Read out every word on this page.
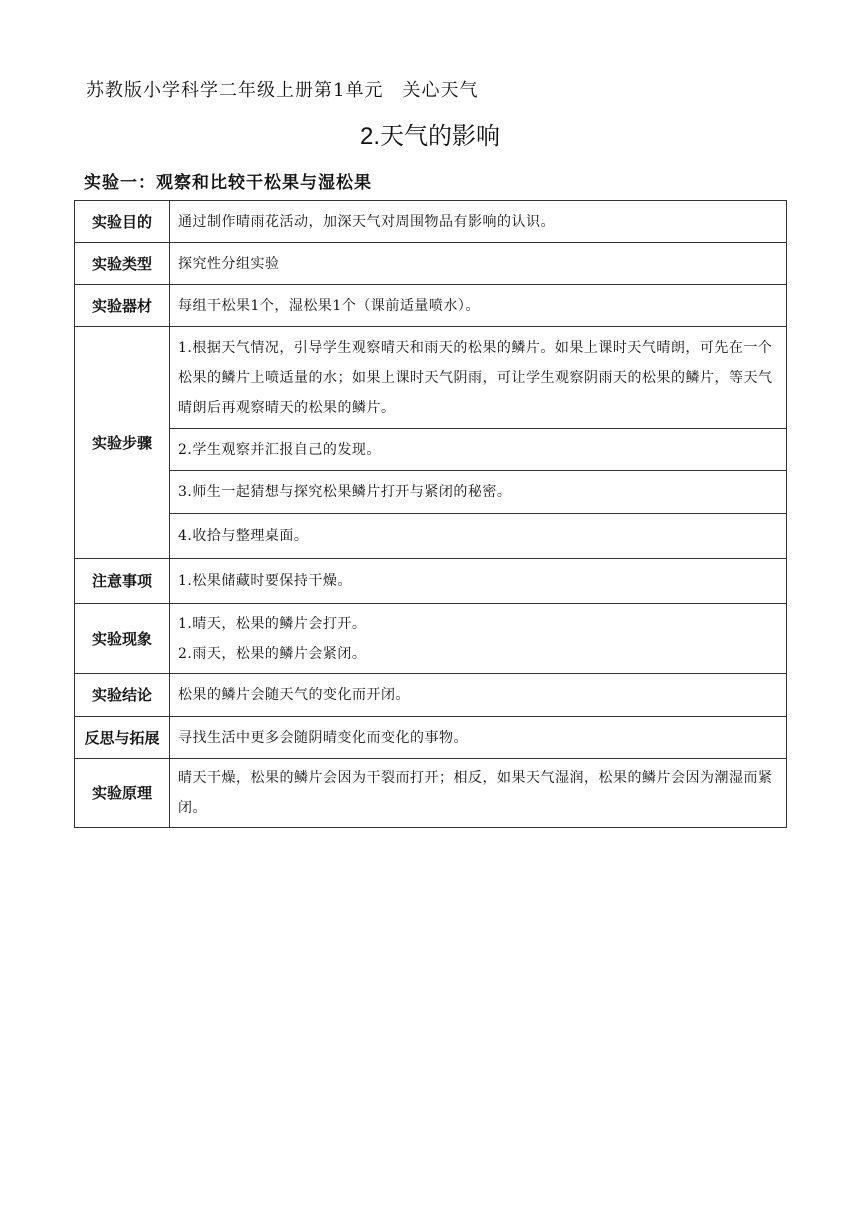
苏教版小学科学二年级上册第1单元　关心天气
2.天气的影响
实验一：观察和比较干松果与湿松果
实验目的	通过制作晴雨花活动，加深天气对周围物品有影响的认识。
实验类型	探究性分组实验
实验器材	每组干松果1个，湿松果1个（课前适量喷水）。
实验步骤	1.根据天气情况，引导学生观察晴天和雨天的松果的鳞片。如果上课时天气晴朗，可先在一个松果的鳞片上喷适量的水；如果上课时天气阴雨，可让学生观察阴雨天的松果的鳞片，等天气晴朗后再观察晴天的松果的鳞片。
	2.学生观察并汇报自己的发现。
	3.师生一起猜想与探究松果鳞片打开与紧闭的秘密。
	4.收拾与整理桌面。
注意事项	1.松果储藏时要保持干燥。
实验现象	1.晴天，松果的鳞片会打开。
2.雨天，松果的鳞片会紧闭。

实验结论	松果的鳞片会随天气的变化而开闭。
反思与拓展	寻找生活中更多会随阴晴变化而变化的事物。
实验原理	晴天干燥，松果的鳞片会因为干裂而打开；相反，如果天气湿润，松果的鳞片会因为潮湿而紧闭。
